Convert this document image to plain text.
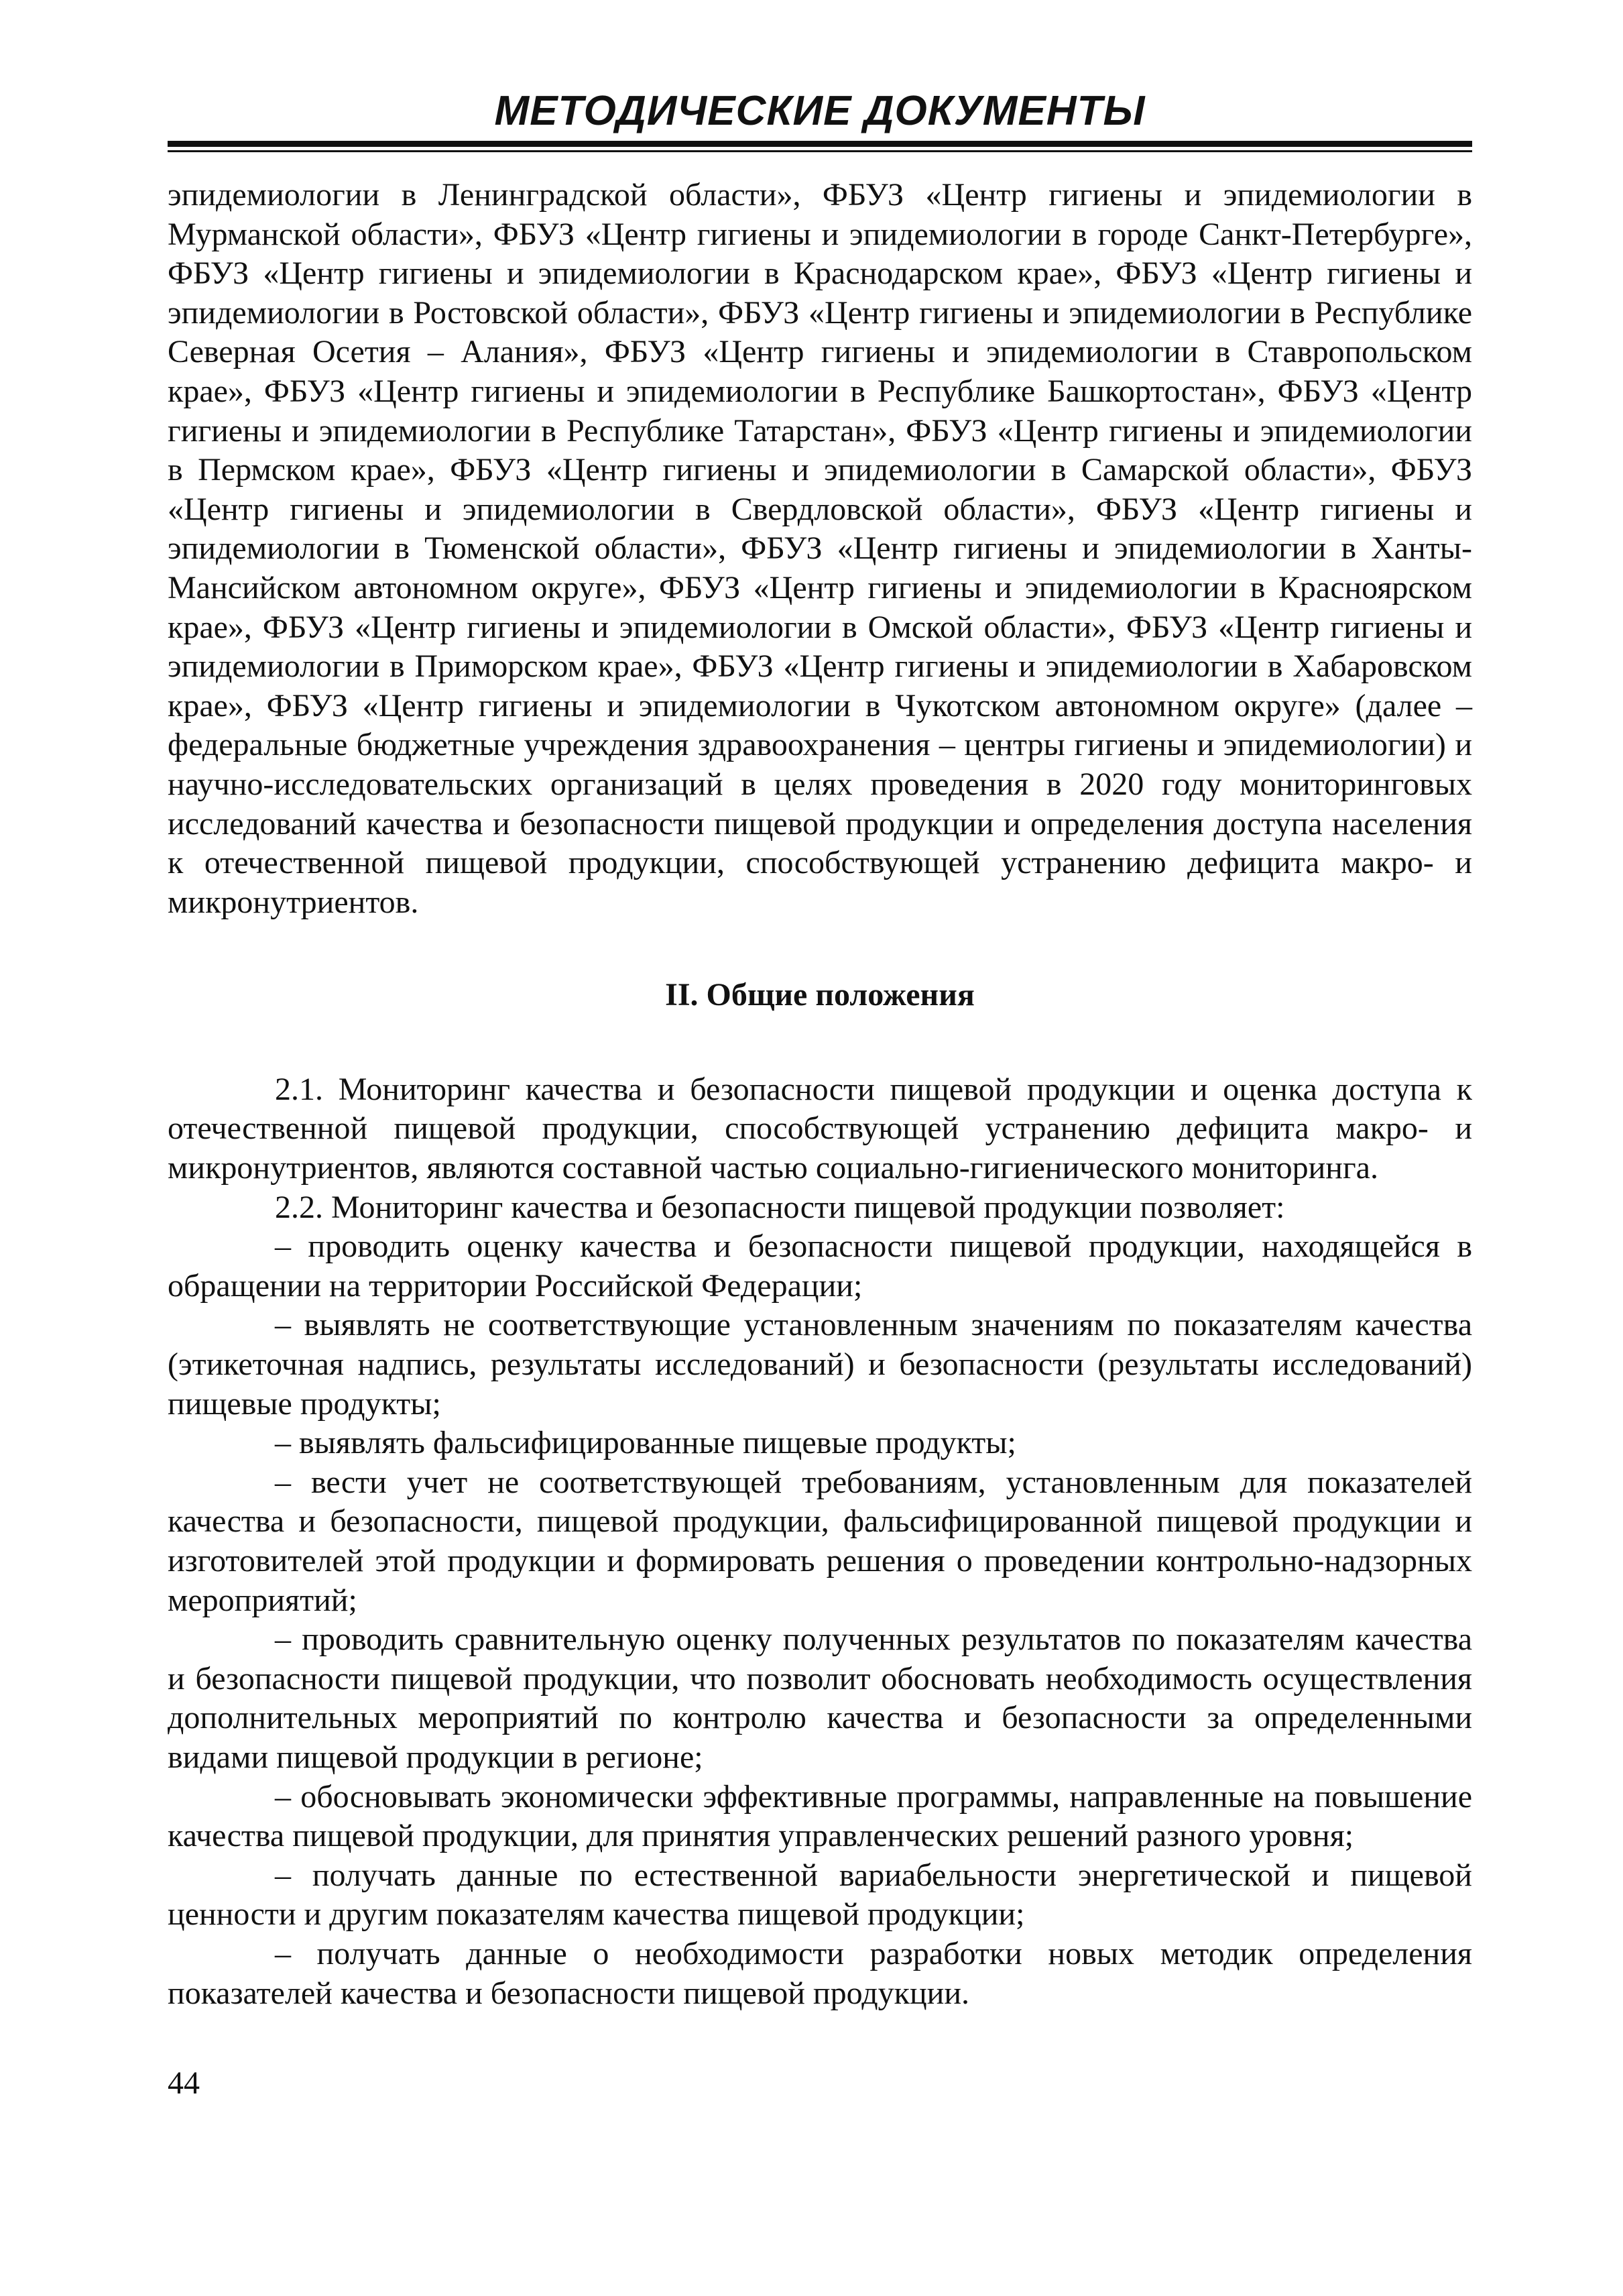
МЕТОДИЧЕСКИЕ ДОКУМЕНТЫ

эпидемиологии в Ленинградской области», ФБУЗ «Центр гигиены и эпидемиологии в Мурманской области», ФБУЗ «Центр гигиены и эпидемиологии в городе Санкт-Петербурге», ФБУЗ «Центр гигиены и эпидемиологии в Краснодарском крае», ФБУЗ «Центр гигиены и эпидемиологии в Ростовской области», ФБУЗ «Центр гигиены и эпидемиологии в Республике Северная Осетия – Алания», ФБУЗ «Центр гигиены и эпидемиологии в Ставропольском крае», ФБУЗ «Центр гигиены и эпидемиологии в Республике Башкортостан», ФБУЗ «Центр гигиены и эпидемиологии в Республике Татарстан», ФБУЗ «Центр гигиены и эпидемиологии в Пермском крае», ФБУЗ «Центр гигиены и эпидемиологии в Самарской области», ФБУЗ «Центр гигиены и эпидемиологии в Свердловской области», ФБУЗ «Центр гигиены и эпидемиологии в Тюменской области», ФБУЗ «Центр гигиены и эпидемиологии в Ханты-Мансийском автономном округе», ФБУЗ «Центр гигиены и эпидемиологии в Красноярском крае», ФБУЗ «Центр гигиены и эпидемиологии в Омской области», ФБУЗ «Центр гигиены и эпидемиологии в Приморском крае», ФБУЗ «Центр гигиены и эпидемиологии в Хабаровском крае», ФБУЗ «Центр гигиены и эпидемиологии в Чукотском автономном округе» (далее – федеральные бюджетные учреждения здравоохранения – центры гигиены и эпидемиологии) и научно-исследовательских организаций в целях проведения в 2020 году мониторинговых исследований качества и безопасности пищевой продукции и определения доступа населения к отечественной пищевой продукции, способствующей устранению дефицита макро- и микронутриентов.

II. Общие положения

2.1. Мониторинг качества и безопасности пищевой продукции и оценка доступа к отечественной пищевой продукции, способствующей устранению дефицита макро- и микронутриентов, являются составной частью социально-гигиенического мониторинга.

2.2. Мониторинг качества и безопасности пищевой продукции позволяет:

– проводить оценку качества и безопасности пищевой продукции, находящейся в обращении на территории Российской Федерации;

– выявлять не соответствующие установленным значениям по показателям качества (этикеточная надпись, результаты исследований) и безопасности (результаты исследований) пищевые продукты;

– выявлять фальсифицированные пищевые продукты;

– вести учет не соответствующей требованиям, установленным для показателей качества и безопасности, пищевой продукции, фальсифицированной пищевой продукции и изготовителей этой продукции и формировать решения о проведении контрольно-надзорных мероприятий;

– проводить сравнительную оценку полученных результатов по показателям качества и безопасности пищевой продукции, что позволит обосновать необходимость осуществления дополнительных мероприятий по контролю качества и безопасности за определенными видами пищевой продукции в регионе;

– обосновывать экономически эффективные программы, направленные на повышение качества пищевой продукции, для принятия управленческих решений разного уровня;

– получать данные по естественной вариабельности энергетической и пищевой ценности и другим показателям качества пищевой продукции;

– получать данные о необходимости разработки новых методик определения показателей качества и безопасности пищевой продукции.

44
